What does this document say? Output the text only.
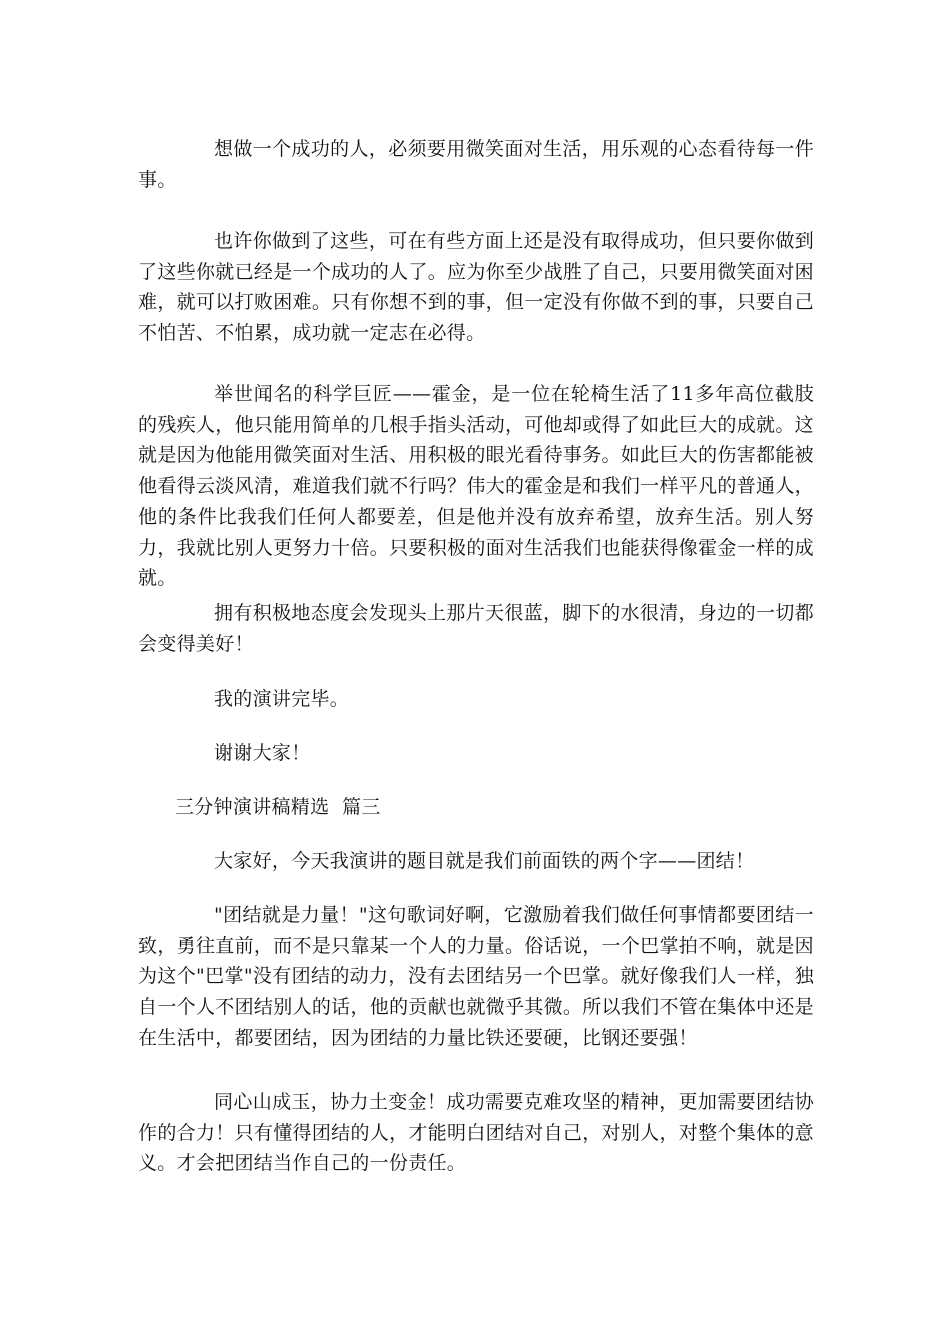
想做一个成功的人，必须要用微笑面对生活，用乐观的心态看待每一件事。

也许你做到了这些，可在有些方面上还是没有取得成功，但只要你做到了这些你就已经是一个成功的人了。应为你至少战胜了自己，只要用微笑面对困难，就可以打败困难。只有你想不到的事，但一定没有你做不到的事，只要自己不怕苦、不怕累，成功就一定志在必得。

举世闻名的科学巨匠——霍金，是一位在轮椅生活了11多年高位截肢的残疾人，他只能用简单的几根手指头活动，可他却或得了如此巨大的成就。这就是因为他能用微笑面对生活、用积极的眼光看待事务。如此巨大的伤害都能被他看得云淡风清，难道我们就不行吗？伟大的霍金是和我们一样平凡的普通人，他的条件比我我们任何人都要差，但是他并没有放弃希望，放弃生活。别人努力，我就比别人更努力十倍。只要积极的面对生活我们也能获得像霍金一样的成就。

拥有积极地态度会发现头上那片天很蓝，脚下的水很清，身边的一切都会变得美好！

我的演讲完毕。

谢谢大家！

三分钟演讲稿精选  篇三

大家好，今天我演讲的题目就是我们前面铁的两个字——团结！

"团结就是力量！"这句歌词好啊，它激励着我们做任何事情都要团结一致，勇往直前，而不是只靠某一个人的力量。俗话说，一个巴掌拍不响，就是因为这个"巴掌"没有团结的动力，没有去团结另一个巴掌。就好像我们人一样，独自一个人不团结别人的话，他的贡献也就微乎其微。所以我们不管在集体中还是在生活中，都要团结，因为团结的力量比铁还要硬，比钢还要强！

同心山成玉，协力土变金！成功需要克难攻坚的精神，更加需要团结协作的合力！只有懂得团结的人，才能明白团结对自己，对别人，对整个集体的意义。才会把团结当作自己的一份责任。
